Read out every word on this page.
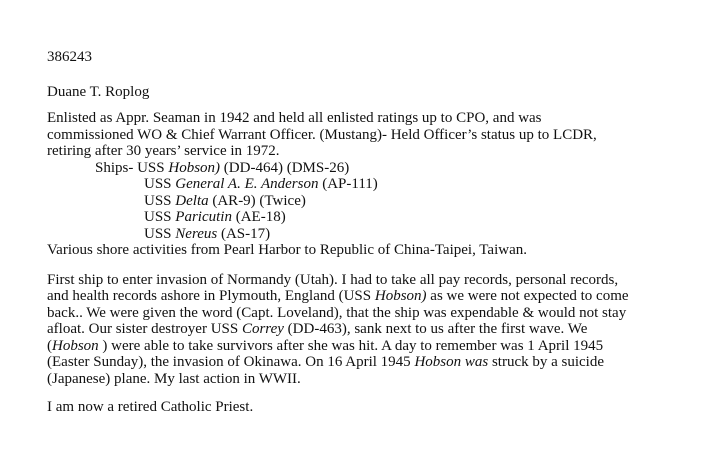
386243
Duane T. Roplog
Enlisted as Appr. Seaman in 1942 and held all enlisted ratings up to CPO, and was
commissioned WO & Chief Warrant Officer. (Mustang)- Held Officer’s status up to LCDR,
retiring after 30 years’ service in 1972.
Ships- USS Hobson) (DD-464) (DMS-26)
USS General A. E. Anderson (AP-111)
USS Delta (AR-9) (Twice)
USS Paricutin (AE-18)
USS Nereus (AS-17)
Various shore activities from Pearl Harbor to Republic of China-Taipei, Taiwan.
First ship to enter invasion of Normandy (Utah). I had to take all pay records, personal records,
and health records ashore in Plymouth, England (USS Hobson) as we were not expected to come
back.. We were given the word (Capt. Loveland), that the ship was expendable & would not stay
afloat. Our sister destroyer USS Correy (DD-463), sank next to us after the first wave. We
(Hobson ) were able to take survivors after she was hit. A day to remember was 1 April 1945
(Easter Sunday), the invasion of Okinawa. On 16 April 1945 Hobson was struck by a suicide
(Japanese) plane. My last action in WWII.
I am now a retired Catholic Priest.
